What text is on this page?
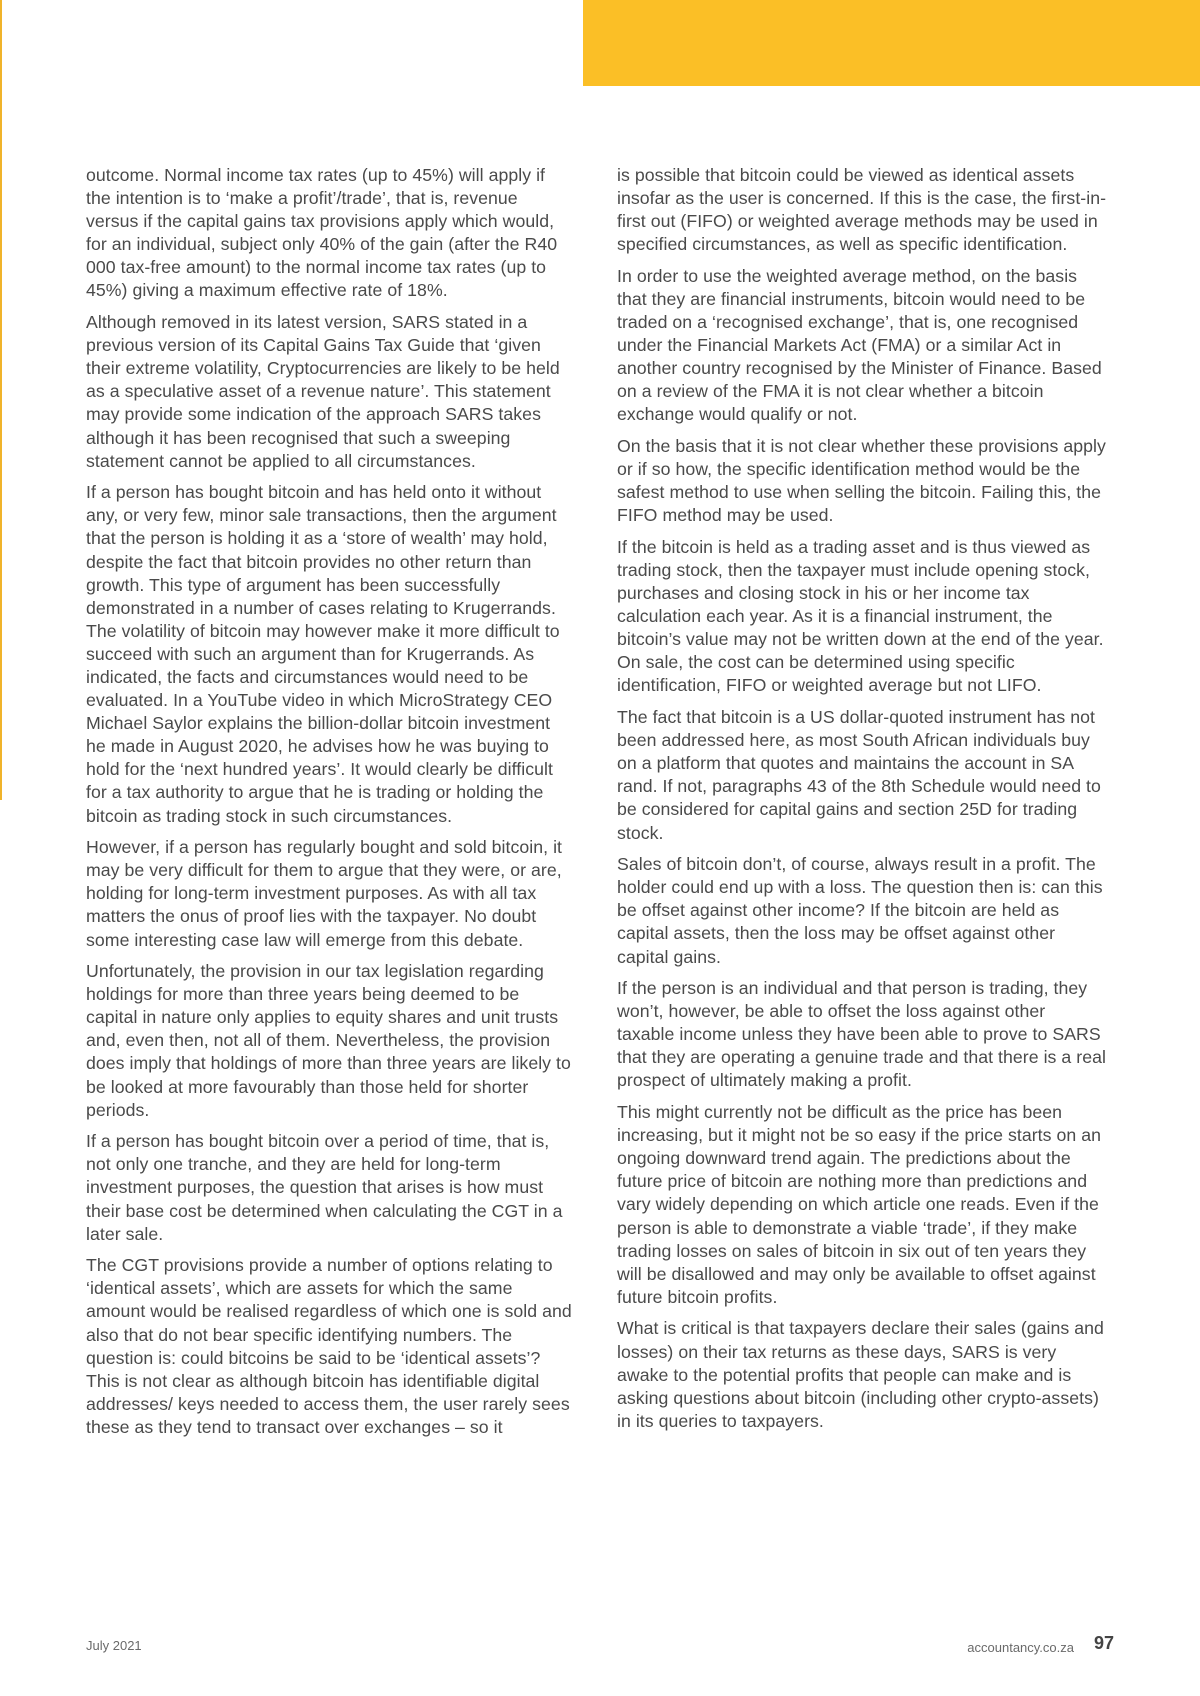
outcome. Normal income tax rates (up to 45%) will apply if the intention is to ‘make a profit’/trade’, that is, revenue versus if the capital gains tax provisions apply which would, for an individual, subject only 40% of the gain (after the R40 000 tax-free amount) to the normal income tax rates (up to 45%) giving a maximum effective rate of 18%.

Although removed in its latest version, SARS stated in a previous version of its Capital Gains Tax Guide that ‘given their extreme volatility, Cryptocurrencies are likely to be held as a speculative asset of a revenue nature’. This statement may provide some indication of the approach SARS takes although it has been recognised that such a sweeping statement cannot be applied to all circumstances.

If a person has bought bitcoin and has held onto it without any, or very few, minor sale transactions, then the argument that the person is holding it as a ‘store of wealth’ may hold, despite the fact that bitcoin provides no other return than growth. This type of argument has been successfully demonstrated in a number of cases relating to Krugerrands. The volatility of bitcoin may however make it more difficult to succeed with such an argument than for Krugerrands. As indicated, the facts and circumstances would need to be evaluated. In a YouTube video in which MicroStrategy CEO Michael Saylor explains the billion-dollar bitcoin investment he made in August 2020, he advises how he was buying to hold for the ‘next hundred years’. It would clearly be difficult for a tax authority to argue that he is trading or holding the bitcoin as trading stock in such circumstances.

However, if a person has regularly bought and sold bitcoin, it may be very difficult for them to argue that they were, or are, holding for long-term investment purposes. As with all tax matters the onus of proof lies with the taxpayer. No doubt some interesting case law will emerge from this debate.

Unfortunately, the provision in our tax legislation regarding holdings for more than three years being deemed to be capital in nature only applies to equity shares and unit trusts and, even then, not all of them. Nevertheless, the provision does imply that holdings of more than three years are likely to be looked at more favourably than those held for shorter periods.

If a person has bought bitcoin over a period of time, that is, not only one tranche, and they are held for long-term investment purposes, the question that arises is how must their base cost be determined when calculating the CGT in a later sale.

The CGT provisions provide a number of options relating to ‘identical assets’, which are assets for which the same amount would be realised regardless of which one is sold and also that do not bear specific identifying numbers. The question is: could bitcoins be said to be ‘identical assets’? This is not clear as although bitcoin has identifiable digital addresses/ keys needed to access them, the user rarely sees these as they tend to transact over exchanges – so it

is possible that bitcoin could be viewed as identical assets insofar as the user is concerned. If this is the case, the first-in-first out (FIFO) or weighted average methods may be used in specified circumstances, as well as specific identification.

In order to use the weighted average method, on the basis that they are financial instruments, bitcoin would need to be traded on a ‘recognised exchange’, that is, one recognised under the Financial Markets Act (FMA) or a similar Act in another country recognised by the Minister of Finance. Based on a review of the FMA it is not clear whether a bitcoin exchange would qualify or not.

On the basis that it is not clear whether these provisions apply or if so how, the specific identification method would be the safest method to use when selling the bitcoin. Failing this, the FIFO method may be used.

If the bitcoin is held as a trading asset and is thus viewed as trading stock, then the taxpayer must include opening stock, purchases and closing stock in his or her income tax calculation each year. As it is a financial instrument, the bitcoin’s value may not be written down at the end of the year. On sale, the cost can be determined using specific identification, FIFO or weighted average but not LIFO.

The fact that bitcoin is a US dollar-quoted instrument has not been addressed here, as most South African individuals buy on a platform that quotes and maintains the account in SA rand. If not, paragraphs 43 of the 8th Schedule would need to be considered for capital gains and section 25D for trading stock.

Sales of bitcoin don’t, of course, always result in a profit. The holder could end up with a loss. The question then is: can this be offset against other income? If the bitcoin are held as capital assets, then the loss may be offset against other capital gains.

If the person is an individual and that person is trading, they won’t, however, be able to offset the loss against other taxable income unless they have been able to prove to SARS that they are operating a genuine trade and that there is a real prospect of ultimately making a profit.

This might currently not be difficult as the price has been increasing, but it might not be so easy if the price starts on an ongoing downward trend again. The predictions about the future price of bitcoin are nothing more than predictions and vary widely depending on which article one reads. Even if the person is able to demonstrate a viable ‘trade’, if they make trading losses on sales of bitcoin in six out of ten years they will be disallowed and may only be available to offset against future bitcoin profits.

What is critical is that taxpayers declare their sales (gains and losses) on their tax returns as these days, SARS is very awake to the potential profits that people can make and is asking questions about bitcoin (including other crypto-assets) in its queries to taxpayers.

July 2021	accountancy.co.za 97
